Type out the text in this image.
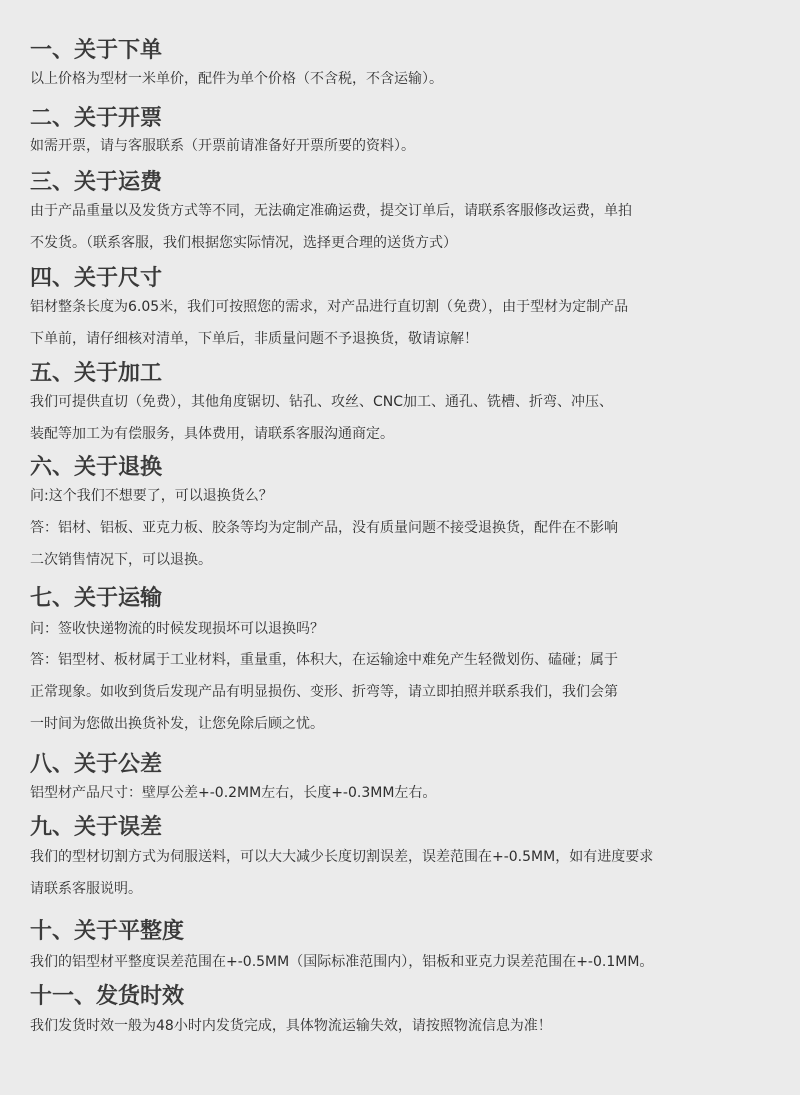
一、关于下单
以上价格为型材一米单价，配件为单个价格（不含税，不含运输）。
二、关于开票
如需开票，请与客服联系（开票前请准备好开票所要的资料）。
三、关于运费
由于产品重量以及发货方式等不同，无法确定准确运费，提交订单后，请联系客服修改运费，单拍
不发货。（联系客服，我们根据您实际情况，选择更合理的送货方式）
四、关于尺寸
铝材整条长度为6.05米，我们可按照您的需求，对产品进行直切割（免费），由于型材为定制产品
下单前，请仔细核对清单，下单后，非质量问题不予退换货，敬请谅解！
五、关于加工
我们可提供直切（免费），其他角度锯切、钻孔、攻丝、CNC加工、通孔、铣槽、折弯、冲压、
装配等加工为有偿服务，具体费用，请联系客服沟通商定。
六、关于退换
问:这个我们不想要了，可以退换货么？
答：铝材、铝板、亚克力板、胶条等均为定制产品，没有质量问题不接受退换货，配件在不影响
二次销售情况下，可以退换。
七、关于运输
问：签收快递物流的时候发现损坏可以退换吗？
答：铝型材、板材属于工业材料，重量重，体积大，在运输途中难免产生轻微划伤、磕碰；属于
正常现象。如收到货后发现产品有明显损伤、变形、折弯等，请立即拍照并联系我们，我们会第
一时间为您做出换货补发，让您免除后顾之忧。
八、关于公差
铝型材产品尺寸：壁厚公差+-0.2MM左右，长度+-0.3MM左右。
九、关于误差
我们的型材切割方式为伺服送料，可以大大减少长度切割误差，误差范围在+-0.5MM，如有进度要求
请联系客服说明。
十、关于平整度
我们的铝型材平整度误差范围在+-0.5MM（国际标准范围内），铝板和亚克力误差范围在+-0.1MM。
十一、发货时效
我们发货时效一般为48小时内发货完成，具体物流运输失效，请按照物流信息为准！
